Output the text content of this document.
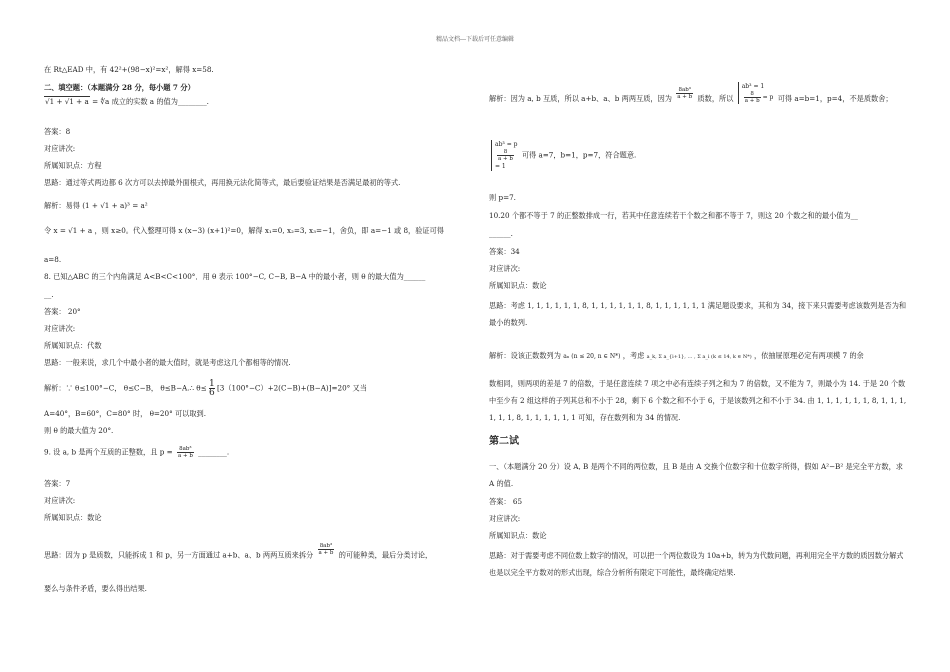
精品文档---下载后可任意编辑
在 Rt△EAD 中，有 42²+(98−x)²=x²，解得 x=58.
二、填空题：（本题满分 28 分，每小题 7 分）
√1 + √1 + a = ∜a 成立的实数 a 的值为________.
答案：8
对应讲次:
所属知识点：方程
思路：通过等式两边都 6 次方可以去掉最外面根式，再用换元法化简等式，最后要验证结果是否满足最初的等式.
解析：易得 (1 + √1 + a)³ = a²
令 x = √1 + a ，则 x≥0。代入整理可得 x (x−3) (x+1)²=0，解得 x₁=0, x₂=3, x₃=−1，舍负，即 a=−1 或 8，验证可得
a=8.
8. 已知△ABC 的三个内角满足 A<B<C<100°．用 θ 表示 100°−C, C−B, B−A 中的最小者，则 θ 的最大值为______
__.
答案： 20°
对应讲次:
所属知识点：代数
思路：一般来说，求几个中最小者的最大值时，就是考虑这几个都相等的情况.
解析：∵ θ≤100°−C， θ≤C−B， θ≤B−A.∴ $\theta\le \frac{1}{6} [3(100^\circ-C)+2(C-B)+(B-A)]=20^\circ$ 又当
A=40°，B=60°，C=80° 时， θ=20° 可以取到.
则 θ 的最大值为 20°.
9. 设 a, b 是两个互质的正整数，且 $p = \frac{\text{8ab³}}{a + b}$ ________.
答案：7
对应讲次:
所属知识点：数论
思路：因为 p 是质数，只能拆成 1 和 p，另一方面通过 a+b、a、b 两两互质来拆分 $\frac{\text{8ab³}}{a + b}$ 的可能种类，最后分类讨论，
要么与条件矛盾，要么得出结果.
解析：因为 a, b 互质，所以 a+b、a、b 两两互质，因为 $\frac{\text{8ab³}}{a + b}$ 质数，所以
ab³ = 1
$\frac{8}{a + b} = p$ 可得 a=b=1，p=4，不是质数舍；
ab³ = p
$\frac{8}{a + b}$
= 1
可得 a=7，b=1，p=7，符合题意.
则 p=7.
10.20 个都不等于 7 的正整数排成一行，若其中任意连续若干个数之和都不等于 7，则这 20 个数之和的最小值为__
______.
答案：34
对应讲次:
所属知识点：数论
思路：考虑 1, 1, 1, 1, 1, 1, 8, 1, 1, 1, 1, 1, 1, 8, 1, 1, 1, 1, 1, 1 满足题设要求，其和为 34，接下来只需要考虑该数列是否为和最小的数列.
解析：设该正数数列为 aₙ (n ≤ 20, n ∈ N*) ，考虑 a_k, Σ a_{i+1}, … , Σ a_i (k ≤ 14, k ∈ N*) ，依抽屉原理必定有两项模 7 的余
数相同，则两项的差是 7 的倍数，于是任意连续 7 项之中必有连续子列之和为 7 的倍数，又不能为 7，则最小为 14. 于是 20 个数中至少有 2 组这样的子列其总和不小于 28，剩下 6 个数之和不小于 6，于是该数列之和不小于 34. 由 1, 1, 1, 1, 1, 1, 8, 1, 1, 1, 1, 1, 1, 8, 1, 1, 1, 1, 1, 1 可知，存在数列和为 34 的情况.
第二试
一、（本题满分 20 分）设 A, B 是两个不同的两位数，且 B 是由 A 交换个位数字和十位数字所得，假如 A²−B² 是完全平方数，求 A 的值.
答案： 65
对应讲次:
所属知识点：数论
思路：对于需要考虑不同位数上数字的情况，可以把一个两位数设为 10a+b，转为为代数问题，再利用完全平方数的质因数分解式也是以完全平方数对的形式出现，综合分析所有限定下可能性，最终确定结果.
